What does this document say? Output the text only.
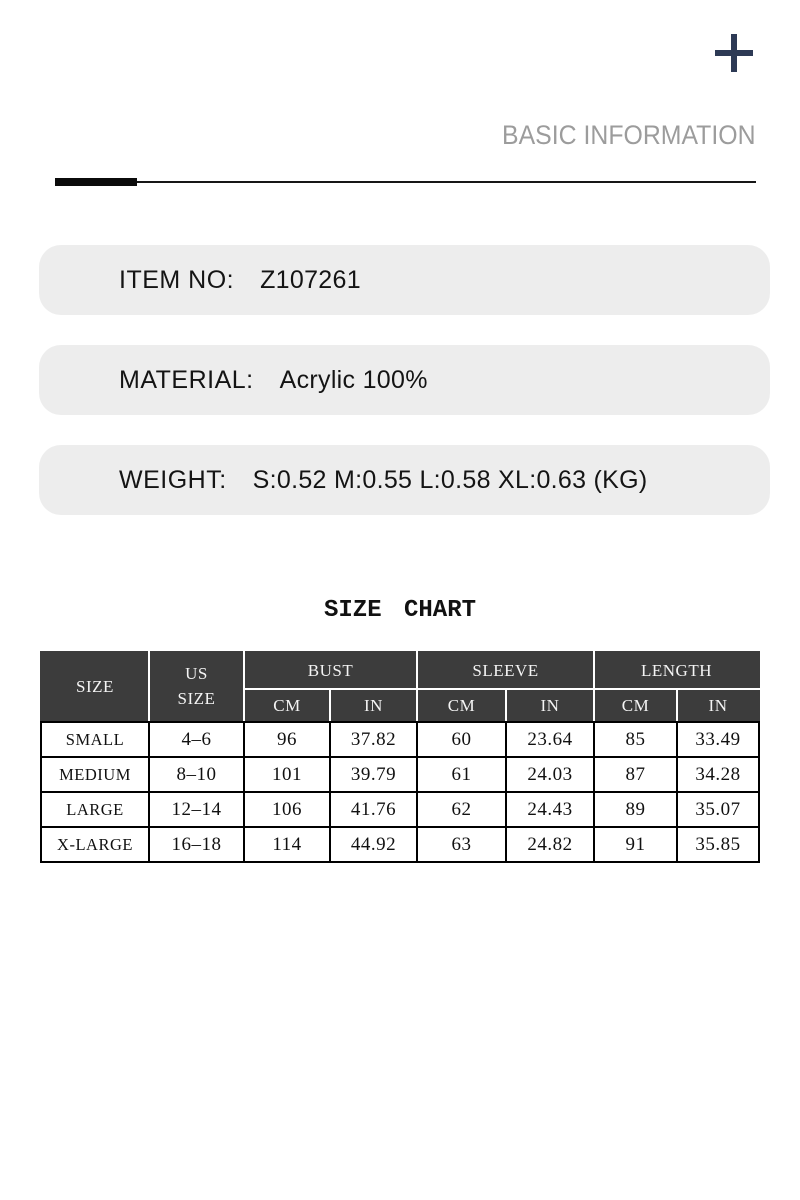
BASIC INFORMATION
ITEM NO: Z107261
MATERIAL: Acrylic 100%
WEIGHT: S:0.52 M:0.55 L:0.58 XL:0.63 (KG)
SIZE CHART
SIZE	US SIZE	BUST		SLEEVE		LENGTH	
		CM	IN	CM	IN	CM	IN
SMALL	4–6	96	37.82	60	23.64	85	33.49
MEDIUM	8–10	101	39.79	61	24.03	87	34.28
LARGE	12–14	106	41.76	62	24.43	89	35.07
X-LARGE	16–18	114	44.92	63	24.82	91	35.85
